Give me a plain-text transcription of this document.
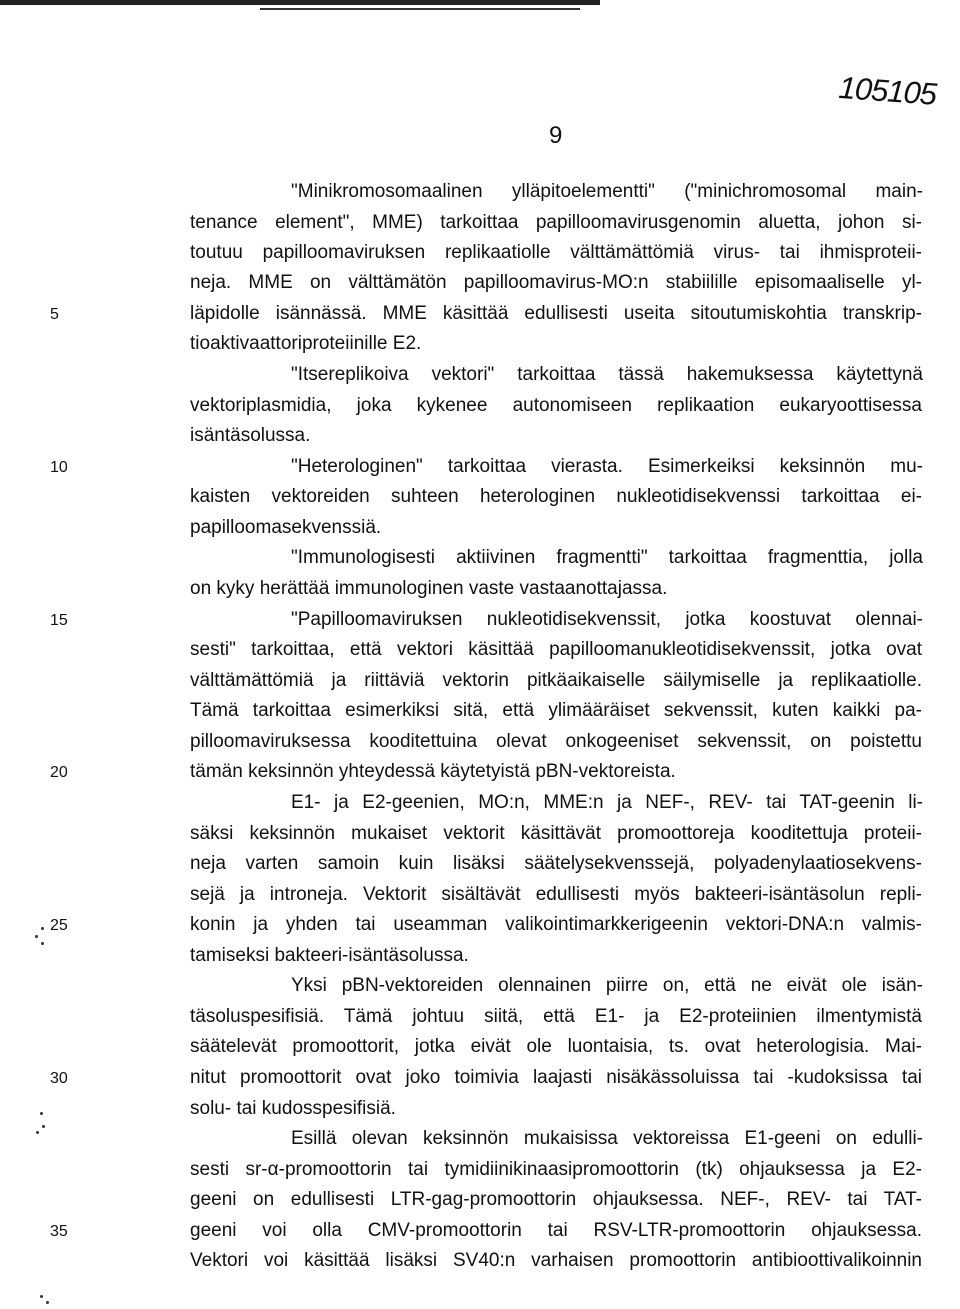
9
105105
"Minikromosomaalinen ylläpitoelementti" ("minichromosomal main-
tenance element", MME) tarkoittaa papilloomavirusgenomin aluetta, johon si-
toutuu papilloomaviruksen replikaatiolle välttämättömiä virus- tai ihmisproteii-
neja. MME on välttämätön papilloomavirus-MO:n stabiilille episomaaliselle yl-
läpidolle isännässä. MME käsittää edullisesti useita sitoutumiskohtia transkrip-
tioaktivaattoriproteiinille E2.
"Itsereplikoiva vektori" tarkoittaa tässä hakemuksessa käytettynä
vektoriplasmidia, joka kykenee autonomiseen replikaation eukaryoottisessa
isäntäsolussa.
"Heterologinen" tarkoittaa vierasta. Esimerkeiksi keksinnön mu-
kaisten vektoreiden suhteen heterologinen nukleotidisekvenssi tarkoittaa ei-
papilloomasekvenssiä.
"Immunologisesti aktiivinen fragmentti" tarkoittaa fragmenttia, jolla
on kyky herättää immunologinen vaste vastaanottajassa.
"Papilloomaviruksen nukleotidisekvenssit, jotka koostuvat olennai-
sesti" tarkoittaa, että vektori käsittää papilloomanukleotidisekvenssit, jotka ovat
välttämättömiä ja riittäviä vektorin pitkäaikaiselle säilymiselle ja replikaatiolle.
Tämä tarkoittaa esimerkiksi sitä, että ylimääräiset sekvenssit, kuten kaikki pa-
pilloomaviruksessa kooditettuina olevat onkogeeniset sekvenssit, on poistettu
tämän keksinnön yhteydessä käytetyistä pBN-vektoreista.
E1- ja E2-geenien, MO:n, MME:n ja NEF-, REV- tai TAT-geenin li-
säksi keksinnön mukaiset vektorit käsittävät promoottoreja kooditettuja proteii-
neja varten samoin kuin lisäksi säätelysekvenssejä, polyadenylaatiosekvens-
sejä ja introneja. Vektorit sisältävät edullisesti myös bakteeri-isäntäsolun repli-
konin ja yhden tai useamman valikointimarkkerigeenin vektori-DNA:n valmis-
tamiseksi bakteeri-isäntäsolussa.
Yksi pBN-vektoreiden olennainen piirre on, että ne eivät ole isän-
täsoluspesifisiä. Tämä johtuu siitä, että E1- ja E2-proteiinien ilmentymistä
säätelevät promoottorit, jotka eivät ole luontaisia, ts. ovat heterologisia. Mai-
nitut promoottorit ovat joko toimivia laajasti nisäkässoluissa tai -kudoksissa tai
solu- tai kudosspesifisiä.
Esillä olevan keksinnön mukaisissa vektoreissa E1-geeni on edulli-
sesti sr-α-promoottorin tai tymidiinikinaasipromoottorin (tk) ohjauksessa ja E2-
geeni on edullisesti LTR-gag-promoottorin ohjauksessa. NEF-, REV- tai TAT-
geeni voi olla CMV-promoottorin tai RSV-LTR-promoottorin ohjauksessa.
Vektori voi käsittää lisäksi SV40:n varhaisen promoottorin antibioottivalikoinnin
5
10
15
20
25
30
35
